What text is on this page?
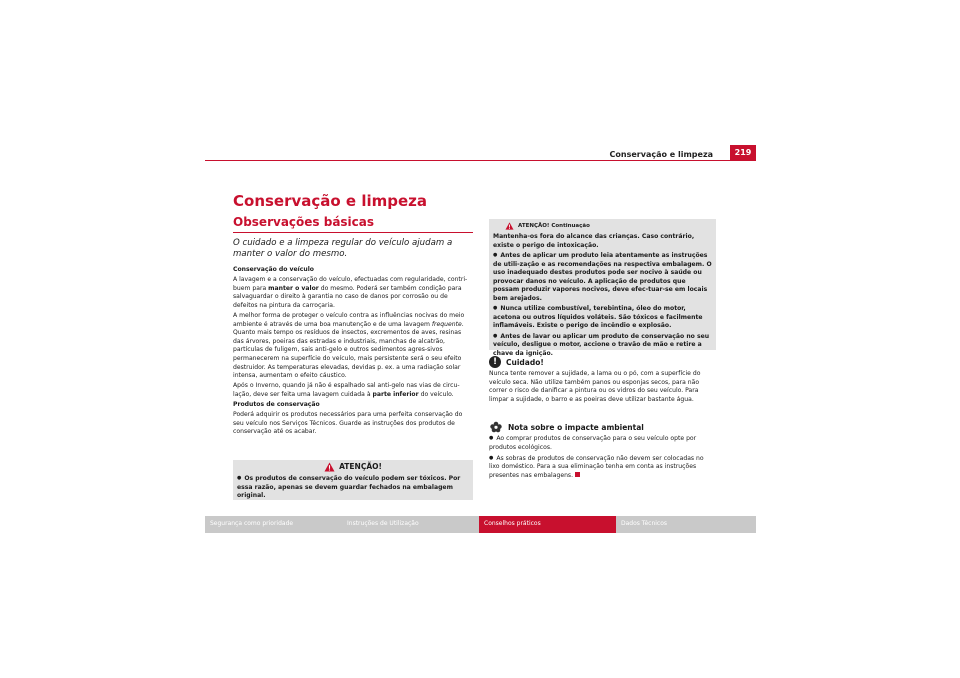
Conservação e limpeza	219
Conservação e limpeza
Observações básicas

O cuidado e a limpeza regular do veículo ajudam a manter o valor do mesmo.

Conservação do veículo

A lavagem e a conservação do veículo, efectuadas com regularidade, contri-buem para manter o valor do mesmo. Poderá ser também condição para salvaguardar o direito à garantia no caso de danos por corrosão ou de defeitos na pintura da carroçaria.

A melhor forma de proteger o veículo contra as influências nocivas do meio ambiente é através de uma boa manutenção e de uma lavagem frequente. Quanto mais tempo os resíduos de insectos, excrementos de aves, resinas das árvores, poeiras das estradas e industriais, manchas de alcatrão, partículas de fuligem, sais anti-gelo e outros sedimentos agres-sivos permanecerem na superfície do veículo, mais persistente será o seu efeito destruidor. As temperaturas elevadas, devidas p. ex. a uma radiação solar intensa, aumentam o efeito cáustico.

Após o Inverno, quando já não é espalhado sal anti-gelo nas vias de circu-lação, deve ser feita uma lavagem cuidada à parte inferior do veículo.

Produtos de conservação

Poderá adquirir os produtos necessários para uma perfeita conservação do seu veículo nos Serviços Técnicos. Guarde as instruções dos produtos de conservação até os acabar.

ATENÇÃO!

● Os produtos de conservação do veículo podem ser tóxicos. Por essa razão, apenas se devem guardar fechados na embalagem original.

ATENÇÃO! Continuação

Mantenha-os fora do alcance das crianças. Caso contrário, existe o perigo de intoxicação.

● Antes de aplicar um produto leia atentamente as instruções de utili-zação e as recomendações na respectiva embalagem. O uso inadequado destes produtos pode ser nocivo à saúde ou provocar danos no veículo. A aplicação de produtos que possam produzir vapores nocivos, deve efec-tuar-se em locais bem arejados.

● Nunca utilize combustível, terebintina, óleo do motor, acetona ou outros líquidos voláteis. São tóxicos e facilmente inflamáveis. Existe o perigo de incêndio e explosão.

● Antes de lavar ou aplicar um produto de conservação no seu veículo, desligue o motor, accione o travão de mão e retire a chave da ignição.

!	Cuidado!

Nunca tente remover a sujidade, a lama ou o pó, com a superfície do veículo seca. Não utilize também panos ou esponjas secos, para não correr o risco de danificar a pintura ou os vidros do seu veículo. Para limpar a sujidade, o barro e as poeiras deve utilizar bastante água.

Nota sobre o impacte ambiental

● Ao comprar produtos de conservação para o seu veículo opte por produtos ecológicos.

● As sobras de produtos de conservação não devem ser colocadas no lixo doméstico. Para a sua eliminação tenha em conta as instruções presentes nas embalagens.

Segurança como prioridade	Instruções de Utilização	Conselhos práticos	Dados Técnicos
